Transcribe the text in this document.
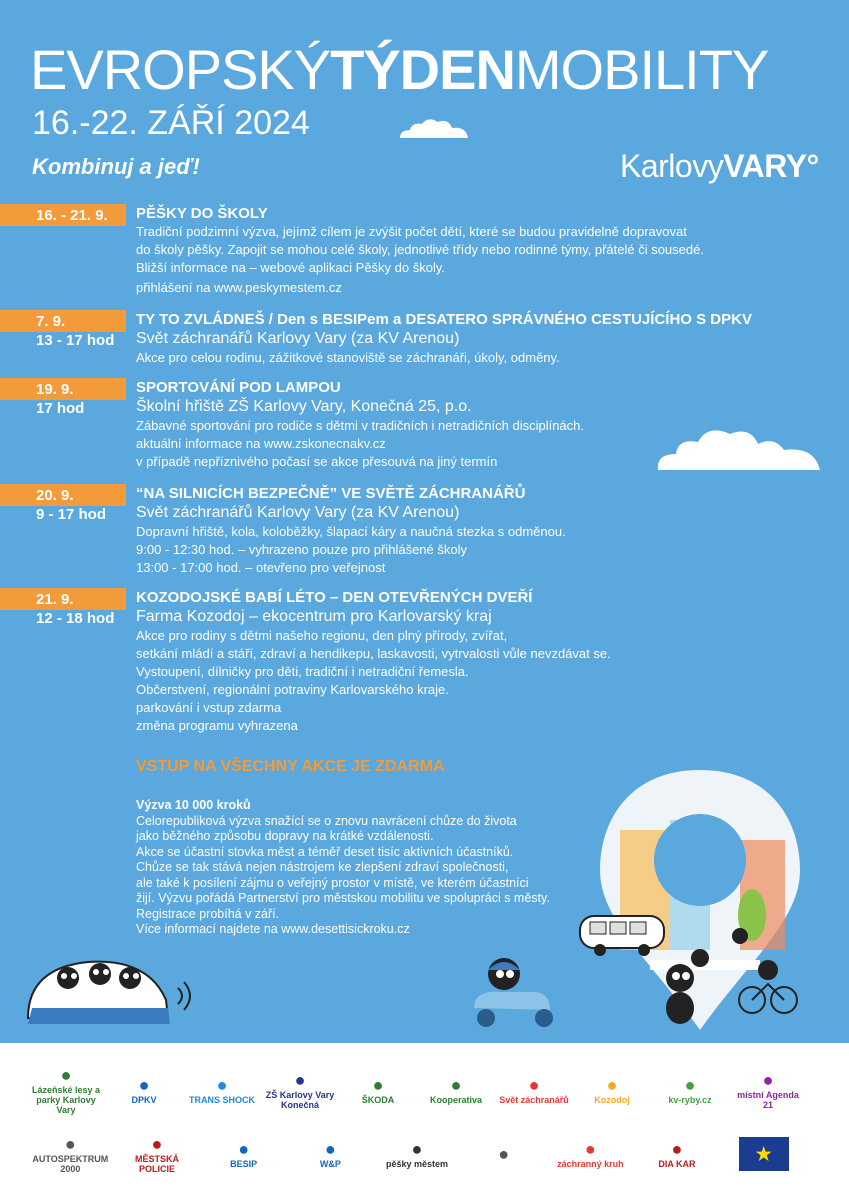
EVROPSKÝTÝDENMOBILITY
16.-22. ZÁŘÍ 2024
Kombinuj a jeď!	KarlovyVARY°
16. - 21. 9.	PĚŠKY DO ŠKOLY
Tradiční podzimní výzva, jejímž cílem je zvýšit počet dětí, které se budou pravidelně dopravovat
do školy pěšky. Zapojit se mohou celé školy, jednotlivé třídy nebo rodinné týmy, přátelé či sousedé.
Bližší informace na – webové aplikaci Pěšky do školy.
přihlášení na www.peskymestem.cz
7. 9.
13 - 17 hod
TY TO ZVLÁDNEŠ / Den s BESIPem a DESATERO SPRÁVNÉHO CESTUJÍCÍHO S DPKV
Svět záchranářů Karlovy Vary (za KV Arenou)
Akce pro celou rodinu, zážitkové stanoviště se záchranáři, úkoly, odměny.
19. 9.
17 hod
SPORTOVÁNÍ POD LAMPOU
Školní hřiště ZŠ Karlovy Vary, Konečná 25, p.o.
Zábavné sportování pro rodiče s dětmi v tradičních i netradičních disciplínách.
aktuální informace na www.zskonecnakv.cz
v případě nepříznivého počasí se akce přesouvá na jiný termín
20. 9.
9 - 17 hod
“NA SILNICÍCH BEZPEČNĚ” VE SVĚTĚ ZÁCHRANÁŘŮ
Svět záchranářů Karlovy Vary (za KV Arenou)
Dopravní hřiště, kola, koloběžky, šlapací káry a naučná stezka s odměnou.
9:00 - 12:30 hod. – vyhrazeno pouze pro přihlášené školy
13:00 - 17:00 hod. – otevřeno pro veřejnost
21. 9.
12 - 18 hod
KOZODOJSKÉ BABÍ LÉTO – DEN OTEVŘENÝCH DVEŘÍ
Farma Kozodoj – ekocentrum pro Karlovarský kraj
Akce pro rodiny s dětmi našeho regionu, den plný přírody, zvířat,
setkání mládí a stáří, zdraví a hendikepu, laskavosti, vytrvalosti vůle nevzdávat se.
Vystoupení, dílničky pro děti, tradiční i netradiční řemesla.
Občerstvení, regionální potraviny Karlovarského kraje.
parkování i vstup zdarma
změna programu vyhrazena
VSTUP NA VŠECHNY AKCE JE ZDARMA
Výzva 10 000 kroků
Celorepubliková výzva snažící se o znovu navrácení chůze do života
jako běžného způsobu dopravy na krátké vzdálenosti.
Akce se účastní stovka měst a téměř deset tisíc aktivních účastníků.
Chůze se tak stává nejen nástrojem ke zlepšení zdraví společnosti,
ale také k posílení zájmu o veřejný prostor v místě, ve kterém účastníci
žijí. Výzvu pořádá Partnerství pro městskou mobilitu ve spolupráci s městy.
Registrace probíhá v září.
Více informací najdete na www.desettisickroku.cz
●
Lázeňské lesy a parky Karlovy Vary
●
DPKV
●
TRANS SHOCK
●
ZŠ Karlovy Vary Konečná
●
ŠKODA
●
Kooperativa
●
Svět záchranářů
●
Kozodoj
●
kv-ryby.cz
●
místní Agenda 21
●
AUTOSPEKTRUM 2000
●
MĚSTSKÁ POLICIE
●
BESIP
●
W&P
●
pěšky městem	●	●
záchranný kruh
●
DIA KAR	★
